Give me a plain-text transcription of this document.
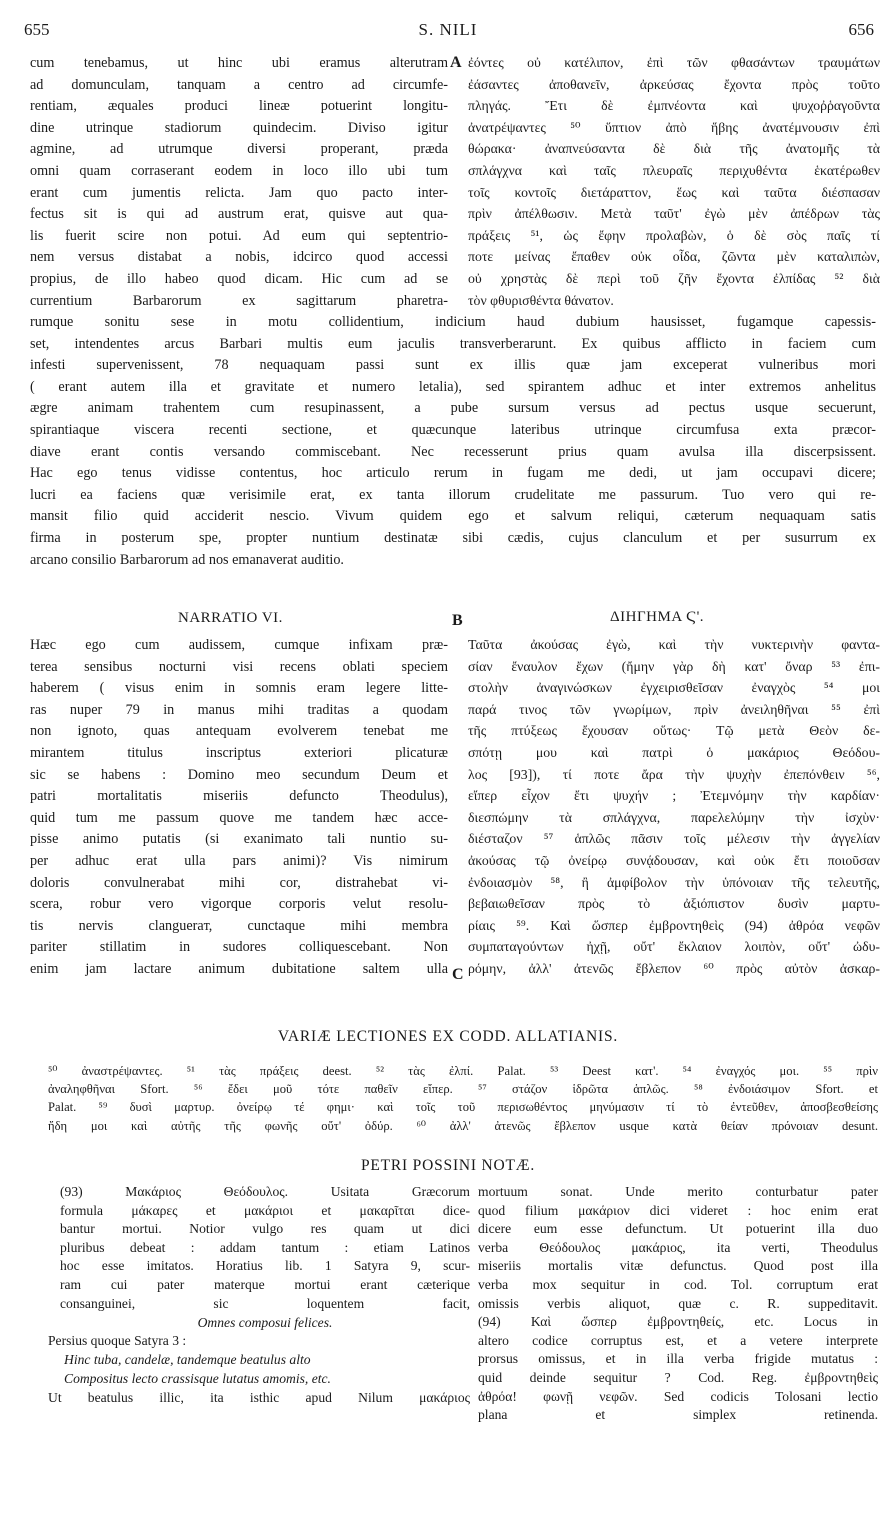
655	S. NILI	656
cum tenebamus, ut hinc ubi eramus alterutram
ad domunculam, tanquam a centro ad circumfe-
rentiam, æquales produci lineæ potuerint longitu-
dine utrinque stadiorum quindecim. Diviso igitur
agmine, ad utrumque diversi properant, præda
omni quam corraserant eodem in loco illo ubi tum
erant cum jumentis relicta. Jam quo pacto inter-
fectus sit is qui ad austrum erat, quisve aut qua-
lis fuerit scire non potui. Ad eum qui septentrio-
nem versus distabat a nobis, idcirco quod accessi
propius, de illo habeo quod dicam. Hic cum ad se
currentium Barbarorum ex sagittarum pharetra-
ἐόντες οὐ κατέλιπον, ἐπὶ τῶν φθασάντων τραυμάτων
ἐάσαντες ἀποθανεῖν, ἀρκεύσας ἔχοντα πρὸς τοῦτο
πληγάς. Ἔτι δὲ ἐμπνέοντα καὶ ψυχοῤῥαγοῦντα
ἀνατρέψαντες ⁵⁰ ὕπτιον ἀπὸ ἥβης ἀνατέμνουσιν ἐπὶ
θώρακα· ἀναπνεύσαντα δὲ διὰ τῆς ἀνατομῆς τὰ
σπλάγχνα καὶ ταῖς πλευραῖς περιχυθέντα ἑκατέρωθεν
τοῖς κοντοῖς διετάραττον, ἕως καὶ ταῦτα διέσπασαν
πρὶν ἀπέλθωσιν. Μετὰ ταῦτ' ἐγὼ μὲν ἀπέδρων τὰς
πράξεις ⁵¹, ὡς ἔφην προλαβὼν, ὁ δὲ σὸς παῖς τί
ποτε μείνας ἔπαθεν οὐκ οἶδα, ζῶντα μὲν καταλιπὼν,
οὐ χρηστὰς δὲ περὶ τοῦ ζῆν ἔχοντα ἐλπίδας ⁵² διὰ
τὸν φθυρισθέντα θάνατον.
A
rumque sonitu sese in motu collidentium, indicium haud dubium hausisset, fugamque capessis-
set, intendentes arcus Barbari multis eum jaculis transverberarunt. Ex quibus afflicto in faciem cum
infesti supervenissent, 78 nequaquam passi sunt ex illis quæ jam exceperat vulneribus mori
( erant autem illa et gravitate et numero letalia), sed spirantem adhuc et inter extremos anhelitus
ægre animam trahentem cum resupinassent, a pube sursum versus ad pectus usque secuerunt,
spirantiaque viscera recenti sectione, et quæcunque lateribus utrinque circumfusa exta præcor-
diave erant contis versando commiscebant. Nec recesserunt prius quam avulsa illa discerpsissent.
Hac ego tenus vidisse contentus, hoc articulo rerum in fugam me dedi, ut jam occupavi dicere;
lucri ea faciens quæ verisimile erat, ex tanta illorum crudelitate me passurum. Tuo vero qui re-
mansit filio quid acciderit nescio. Vivum quidem ego et salvum reliqui, cæterum nequaquam satis
firma in posterum spe, propter nuntium destinatæ sibi cædis, cujus clanculum et per susurrum ex
arcano consilio Barbarorum ad nos emanaverat auditio.
NARRATIO VI.	B	ΔΙΗΓΗΜΑ Ϛ'.
Hæc ego cum audissem, cumque infixam præ-
terea sensibus nocturni visi recens oblati speciem
haberem ( visus enim in somnis eram legere litte-
ras nuper 79 in manus mihi traditas a quodam
non ignoto, quas antequam evolverem tenebat me
mirantem titulus inscriptus exteriori plicaturæ
sic se habens : Domino meo secundum Deum et
patri mortalitatis miseriis defuncto Theodulus),
quid tum me passum quove me tandem hæc acce-
pisse animo putatis (si exanimato tali nuntio su-
per adhuc erat ulla pars animi)? Vis nimirum
doloris convulnerabat mihi cor, distrahebat vi-
scera, robur vero vigorque corporis velut resolu-
tis nervis clangueraт, cunctaque mihi membra
pariter stillatim in sudores colliquescebant. Non
enim jam lactare animum dubitatione saltem ulla
Ταῦτα ἀκούσας ἐγὼ, καὶ τὴν νυκτερινὴν φαντα-
σίαν ἔναυλον ἔχων (ἤμην γὰρ δὴ κατ' ὄναρ ⁵³ ἐπι-
στολὴν ἀναγινώσκων ἐγχειρισθεῖσαν ἐναγχὸς ⁵⁴ μοι
παρά τινος τῶν γνωρίμων, πρὶν ἀνειληθῆναι ⁵⁵ ἐπὶ
τῆς πτύξεως ἔχουσαν οὕτως· Τῷ μετὰ Θεὸν δε-
σπότῃ μου καὶ πατρὶ ὁ μακάριος Θεόδου-
λος [93]), τί ποτε ἄρα τὴν ψυχὴν ἐπεπόνθειν ⁵⁶,
εἴπερ εἶχον ἔτι ψυχήν ; Ἐτεμνόμην τὴν καρδίαν·
διεσπώμην τὰ σπλάγχνα, παρελελύμην τὴν ἰσχὺν·
διέσταζον ⁵⁷ ἁπλῶς πᾶσιν τοῖς μέλεσιν τὴν ἀγγελίαν
ἀκούσας τῷ ὀνείρῳ συνᾴδουσαν, καὶ οὐκ ἔτι ποιοῦσαν
ἐνδοιασμὸν ⁵⁸, ἢ ἀμφίβολον τὴν ὑπόνοιαν τῆς τελευτῆς,
βεβαιωθεῖσαν πρὸς τὸ ἀξιόπιστον δυσὶν μαρτυ-
ρίαις ⁵⁹. Καὶ ὥσπερ ἐμβροντηθεὶς (94) ἀθρόα νεφῶν
συμπαταγούντων ἠχῇ, οὔτ' ἔκλαιον λοιπὸν, οὔτ' ὠδυ-
ρόμην, ἀλλ' ἀτενῶς ἔβλεπον ⁶⁰ πρὸς αὐτὸν ἀσκαρ-
C
VARIÆ LECTIONES EX CODD. ALLATIANIS.
⁵⁰ ἀναστρέψαντες. ⁵¹ τὰς πράξεις deest. ⁵² τὰς ἐλπί. Palat. ⁵³ Deest κατ'. ⁵⁴ ἐναγχός μοι. ⁵⁵ πρὶν
ἀναληφθῆναι Sfort. ⁵⁶ ἔδει μοῦ τότε παθεῖν εἴπερ. ⁵⁷ στάζον ἱδρῶτα ἁπλῶς. ⁵⁸ ἐνδοιάσιμον Sfort. et
Palat. ⁵⁹ δυσὶ μαρτυρ. ὀνείρῳ τέ φημι· καὶ τοῖς τοῦ περισωθέντος μηνύμασιν τί τὸ ἐντεῦθεν, ἀποσβεσθείσης
ἤδη μοι καὶ αὐτῆς τῆς φωνῆς οὔτ' ὀδύρ. ⁶⁰ ἀλλ' ἀτενῶς ἔβλεπον usque κατὰ θείαν πρόνοιαν desunt.
PETRI POSSINI NOTÆ.
(93) Μακάριος Θεόδουλος. Usitata Græcorum
formula μάκαρες et μακάριοι et μακαρῖται dice-
bantur mortui. Notior vulgo res quam ut dici
pluribus debeat : addam tantum : etiam Latinos
hoc esse imitatos. Horatius lib. 1 Satyra 9, scur-
ram cui pater materque mortui erant cæterique
consanguinei, sic loquentem facit,
Omnes composui felices.
Persius quoque Satyra 3 :
Hinc tuba, candelæ, tandemque beatulus alto
Compositus lecto crassisque lutatus amomis, etc.
Ut beatulus illic, ita isthic apud Nilum μακάριος
mortuum sonat. Unde merito conturbatur pater
quod filium μακάριον dici videret : hoc enim erat
dicere eum esse defunctum. Ut potuerint illa duo
verba Θεόδουλος μακάριος, ita verti, Theodulus
miseriis mortalis vitæ defunctus. Quod post illa
verba mox sequitur in cod. Tol. corruptum erat
omissis verbis aliquot, quæ c. R. suppeditavit.
(94) Καὶ ὥσπερ ἐμβροντηθείς, etc. Locus in
altero codice corruptus est, et a vetere interprete
prorsus omissus, et in illa verba frigide mutatus :
quid deinde sequitur ? Cod. Reg. ἐμβροντηθεὶς
ἀθρόα! φωνῇ νεφῶν. Sed codicis Tolosani lectio
plana et simplex retinenda.
